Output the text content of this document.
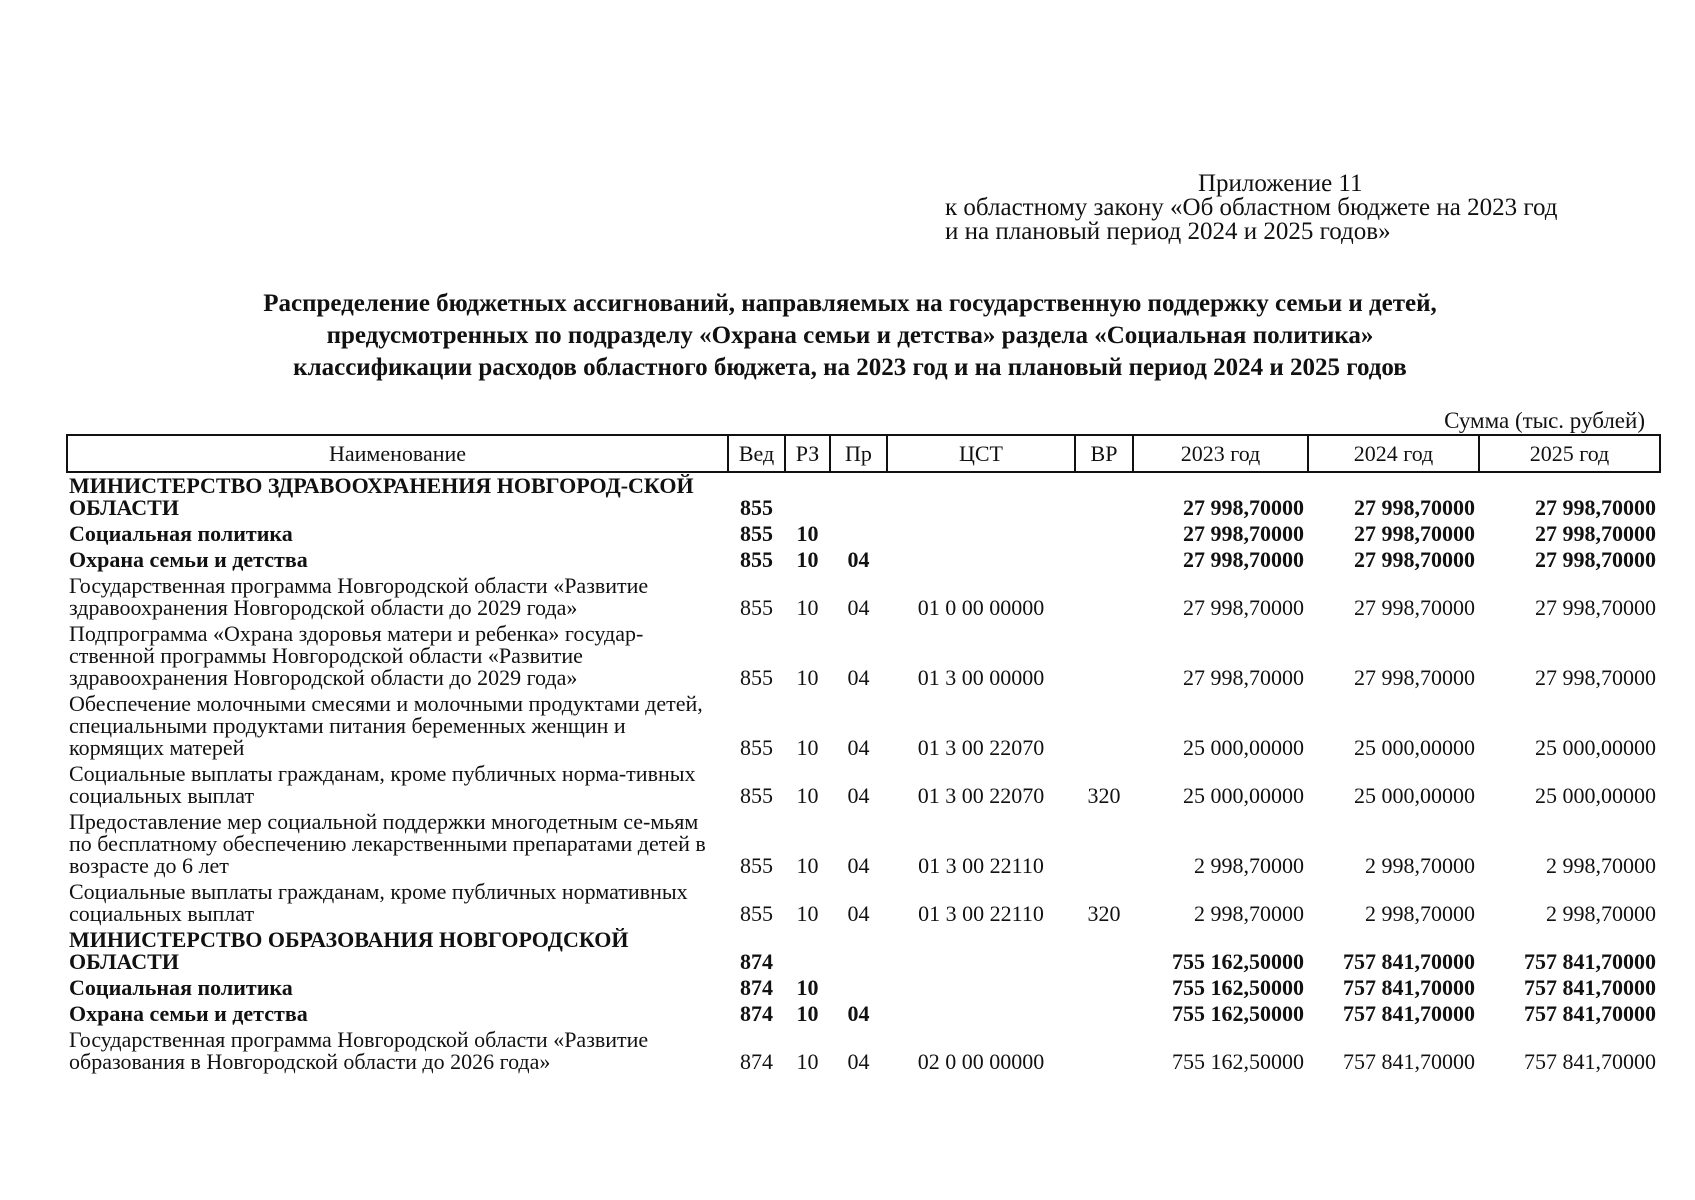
Приложение 11
к областному закону «Об областном бюджете на 2023 год
и на плановый период 2024 и 2025 годов»
Распределение бюджетных ассигнований, направляемых на государственную поддержку семьи и детей,
предусмотренных по подразделу «Охрана семьи и детства» раздела «Социальная политика»
классификации расходов областного бюджета, на 2023 год и на плановый период 2024 и 2025 годов
Сумма (тыс. рублей)
Наименование	Вед	РЗ	Пр	ЦСТ	ВР	2023 год	2024 год	2025 год
МИНИСТЕРСТВО ЗДРАВООХРАНЕНИЯ НОВГОРОД-СКОЙ ОБЛАСТИ	855					27 998,70000	27 998,70000	27 998,70000
Социальная политика	855	10				27 998,70000	27 998,70000	27 998,70000
Охрана семьи и детства	855	10	04			27 998,70000	27 998,70000	27 998,70000
Государственная программа Новгородской области «Развитие здравоохранения Новгородской области до 2029 года»	855	10	04	01 0 00 00000		27 998,70000	27 998,70000	27 998,70000
Подпрограмма «Охрана здоровья матери и ребенка» государ-ственной программы Новгородской области «Развитие здравоохранения Новгородской области до 2029 года»	855	10	04	01 3 00 00000		27 998,70000	27 998,70000	27 998,70000
Обеспечение молочными смесями и молочными продуктами детей, специальными продуктами питания беременных женщин и кормящих матерей	855	10	04	01 3 00 22070		25 000,00000	25 000,00000	25 000,00000
Социальные выплаты гражданам, кроме публичных норма-тивных социальных выплат	855	10	04	01 3 00 22070	320	25 000,00000	25 000,00000	25 000,00000
Предоставление мер социальной поддержки многодетным се-мьям по бесплатному обеспечению лекарственными препаратами детей в возрасте до 6 лет	855	10	04	01 3 00 22110		2 998,70000	2 998,70000	2 998,70000
Социальные выплаты гражданам, кроме публичных нормативных социальных выплат	855	10	04	01 3 00 22110	320	2 998,70000	2 998,70000	2 998,70000
МИНИСТЕРСТВО ОБРАЗОВАНИЯ НОВГОРОДСКОЙ ОБЛАСТИ	874					755 162,50000	757 841,70000	757 841,70000
Социальная политика	874	10				755 162,50000	757 841,70000	757 841,70000
Охрана семьи и детства	874	10	04			755 162,50000	757 841,70000	757 841,70000
Государственная программа Новгородской области «Развитие образования в Новгородской области до 2026 года»	874	10	04	02 0 00 00000		755 162,50000	757 841,70000	757 841,70000
